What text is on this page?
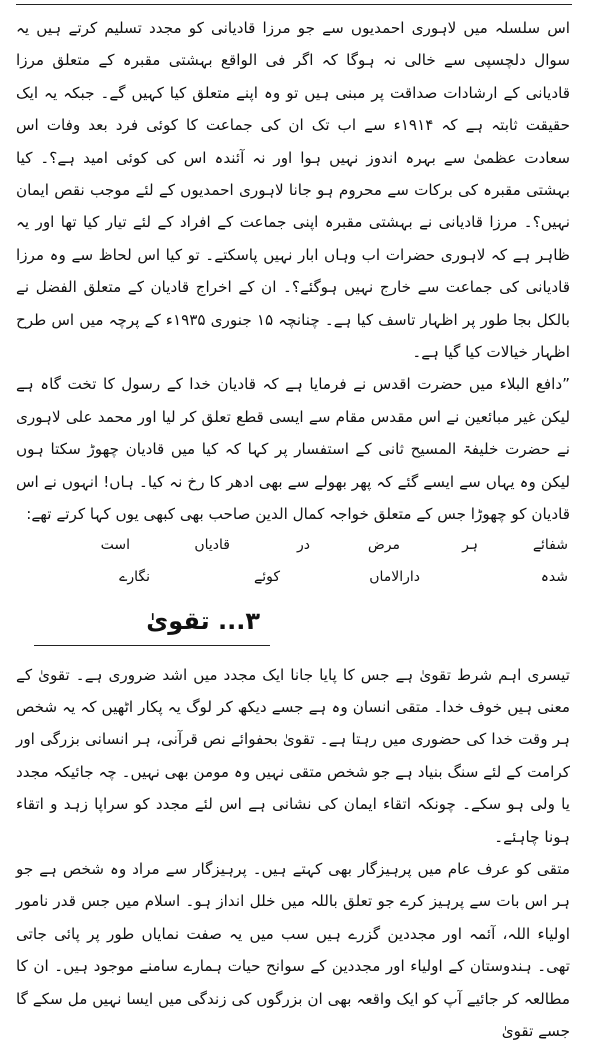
اس سلسلہ میں لاہوری احمدیوں سے جو مرزا قادیانی کو مجدد تسلیم کرتے ہیں یہ سوال دلچسپی سے خالی نہ ہوگا کہ اگر فی الواقع بہشتی مقبرہ کے متعلق مرزا قادیانی کے ارشادات صداقت پر مبنی ہیں تو وہ اپنے متعلق کیا کہیں گے۔ جبکہ یہ ایک حقیقت ثابتہ ہے کہ ۱۹۱۴ء سے اب تک ان کی جماعت کا کوئی فرد بعد وفات اس سعادت عظمیٰ سے بہرہ اندوز نہیں ہوا اور نہ آئندہ اس کی کوئی امید ہے؟۔ کیا بہشتی مقبرہ کی برکات سے محروم ہو جانا لاہوری احمدیوں کے لئے موجب نقص ایمان نہیں؟۔ مرزا قادیانی نے بہشتی مقبرہ اپنی جماعت کے افراد کے لئے تیار کیا تھا اور یہ ظاہر ہے کہ لاہوری حضرات اب وہاں ابار نہیں پاسکتے۔ تو کیا اس لحاظ سے وہ مرزا قادیانی کی جماعت سے خارج نہیں ہوگئے؟۔ ان کے اخراج قادیان کے متعلق الفضل نے بالکل بجا طور پر اظہار تاسف کیا ہے۔ چنانچہ ۱۵ جنوری ۱۹۳۵ء کے پرچہ میں اس طرح اظہار خیالات کیا گیا ہے۔

”دافع البلاء میں حضرت اقدس نے فرمایا ہے کہ قادیان خدا کے رسول کا تخت گاہ ہے لیکن غیر مبائعین نے اس مقدس مقام سے ایسی قطع تعلق کر لیا اور محمد علی لاہوری نے حضرت خلیفۃ المسیح ثانی کے استفسار پر کہا کہ کیا میں قادیان چھوڑ سکتا ہوں لیکن وہ یہاں سے ایسے گئے کہ پھر بھولے سے بھی ادھر کا رخ نہ کیا۔ ہاں! انہوں نے اس قادیان کو چھوڑا جس کے متعلق خواجہ کمال الدین صاحب بھی کبھی یوں کہا کرتے تھے:

شفائے
ہر
مرض
در
قادیاں
است
شدہ
دارالاماں
کوئے
نگارے
۳... تقویٰ

تیسری اہم شرط تقویٰ ہے جس کا پایا جانا ایک مجدد میں اشد ضروری ہے۔ تقویٰ کے معنی ہیں خوف خدا۔ متقی انسان وہ ہے جسے دیکھ کر لوگ یہ پکار اٹھیں کہ یہ شخص ہر وقت خدا کی حضوری میں رہتا ہے۔ تقویٰ بحفوائے نص قرآنی، ہر انسانی بزرگی اور کرامت کے لئے سنگ بنیاد ہے جو شخص متقی نہیں وہ مومن بھی نہیں۔ چہ جائیکہ مجدد یا ولی ہو سکے۔ چونکہ اتقاء ایمان کی نشانی ہے اس لئے مجدد کو سراپا زہد و اتقاء ہونا چاہئے۔

متقی کو عرف عام میں پرہیزگار بھی کہتے ہیں۔ پرہیزگار سے مراد وہ شخص ہے جو ہر اس بات سے پرہیز کرے جو تعلق باللہ میں خلل انداز ہو۔ اسلام میں جس قدر نامور اولیاء اللہ، آئمہ اور مجددین گزرے ہیں سب میں یہ صفت نمایاں طور پر پائی جاتی تھی۔ ہندوستان کے اولیاء اور مجددین کے سوانح حیات ہمارے سامنے موجود ہیں۔ ان کا مطالعہ کر جائیے آپ کو ایک واقعہ بھی ان بزرگوں کی زندگی میں ایسا نہیں مل سکے گا جسے تقویٰ
